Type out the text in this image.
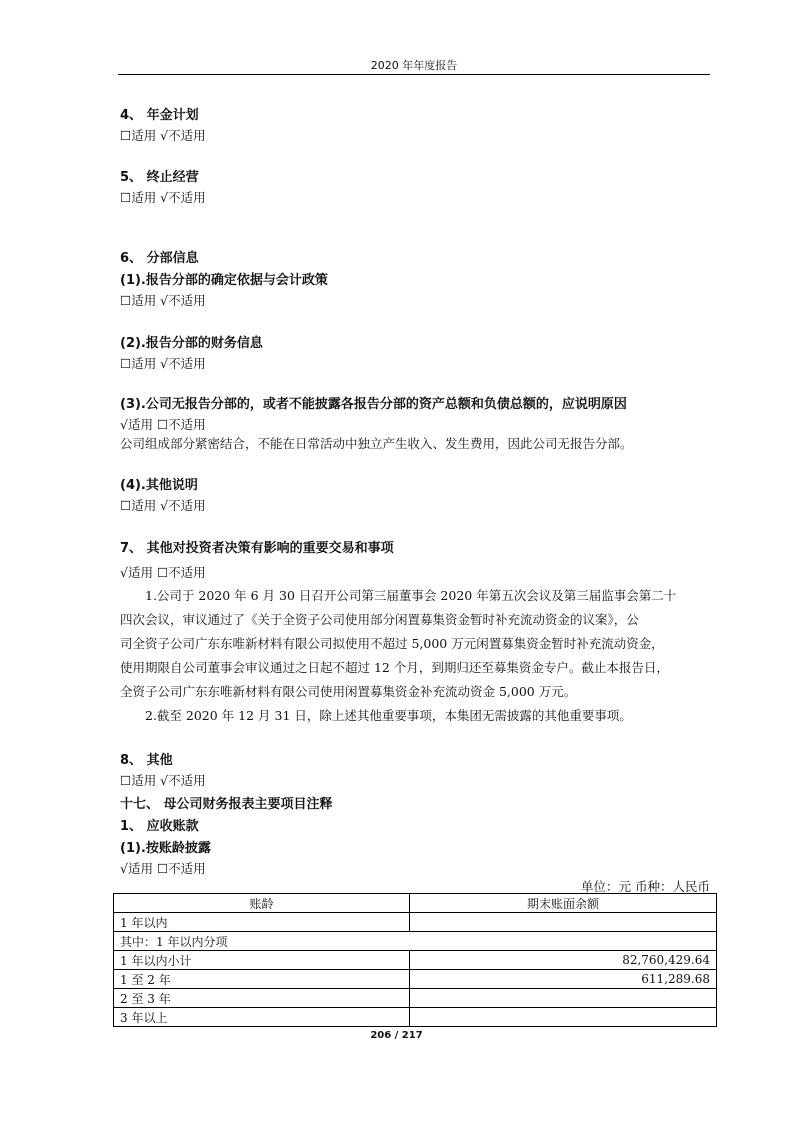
2020 年年度报告
4、 年金计划
☐适用 √不适用
5、 终止经营
☐适用 √不适用
6、 分部信息
(1).报告分部的确定依据与会计政策
☐适用 √不适用
(2).报告分部的财务信息
☐适用 √不适用
(3).公司无报告分部的，或者不能披露各报告分部的资产总额和负债总额的，应说明原因
√适用 ☐不适用
公司组成部分紧密结合，不能在日常活动中独立产生收入、发生费用，因此公司无报告分部。
(4).其他说明
☐适用 √不适用
7、 其他对投资者决策有影响的重要交易和事项
√适用 ☐不适用
1.公司于 2020 年 6 月 30 日召开公司第三届董事会 2020 年第五次会议及第三届监事会第二十
四次会议，审议通过了《关于全资子公司使用部分闲置募集资金暂时补充流动资金的议案》，公
司全资子公司广东东唯新材料有限公司拟使用不超过 5,000 万元闲置募集资金暂时补充流动资金，
使用期限自公司董事会审议通过之日起不超过 12 个月，到期归还至募集资金专户。截止本报告日，
全资子公司广东东唯新材料有限公司使用闲置募集资金补充流动资金 5,000 万元。
2.截至 2020 年 12 月 31 日，除上述其他重要事项，本集团无需披露的其他重要事项。
8、 其他
☐适用 √不适用
十七、 母公司财务报表主要项目注释
1、 应收账款
(1).按账龄披露
√适用 ☐不适用
单位：元 币种：人民币
账龄	期末账面余额
1 年以内	
其中：1 年以内分项	
1 年以内小计	82,760,429.64
1 至 2 年	611,289.68
2 至 3 年	
3 年以上	
206 / 217
